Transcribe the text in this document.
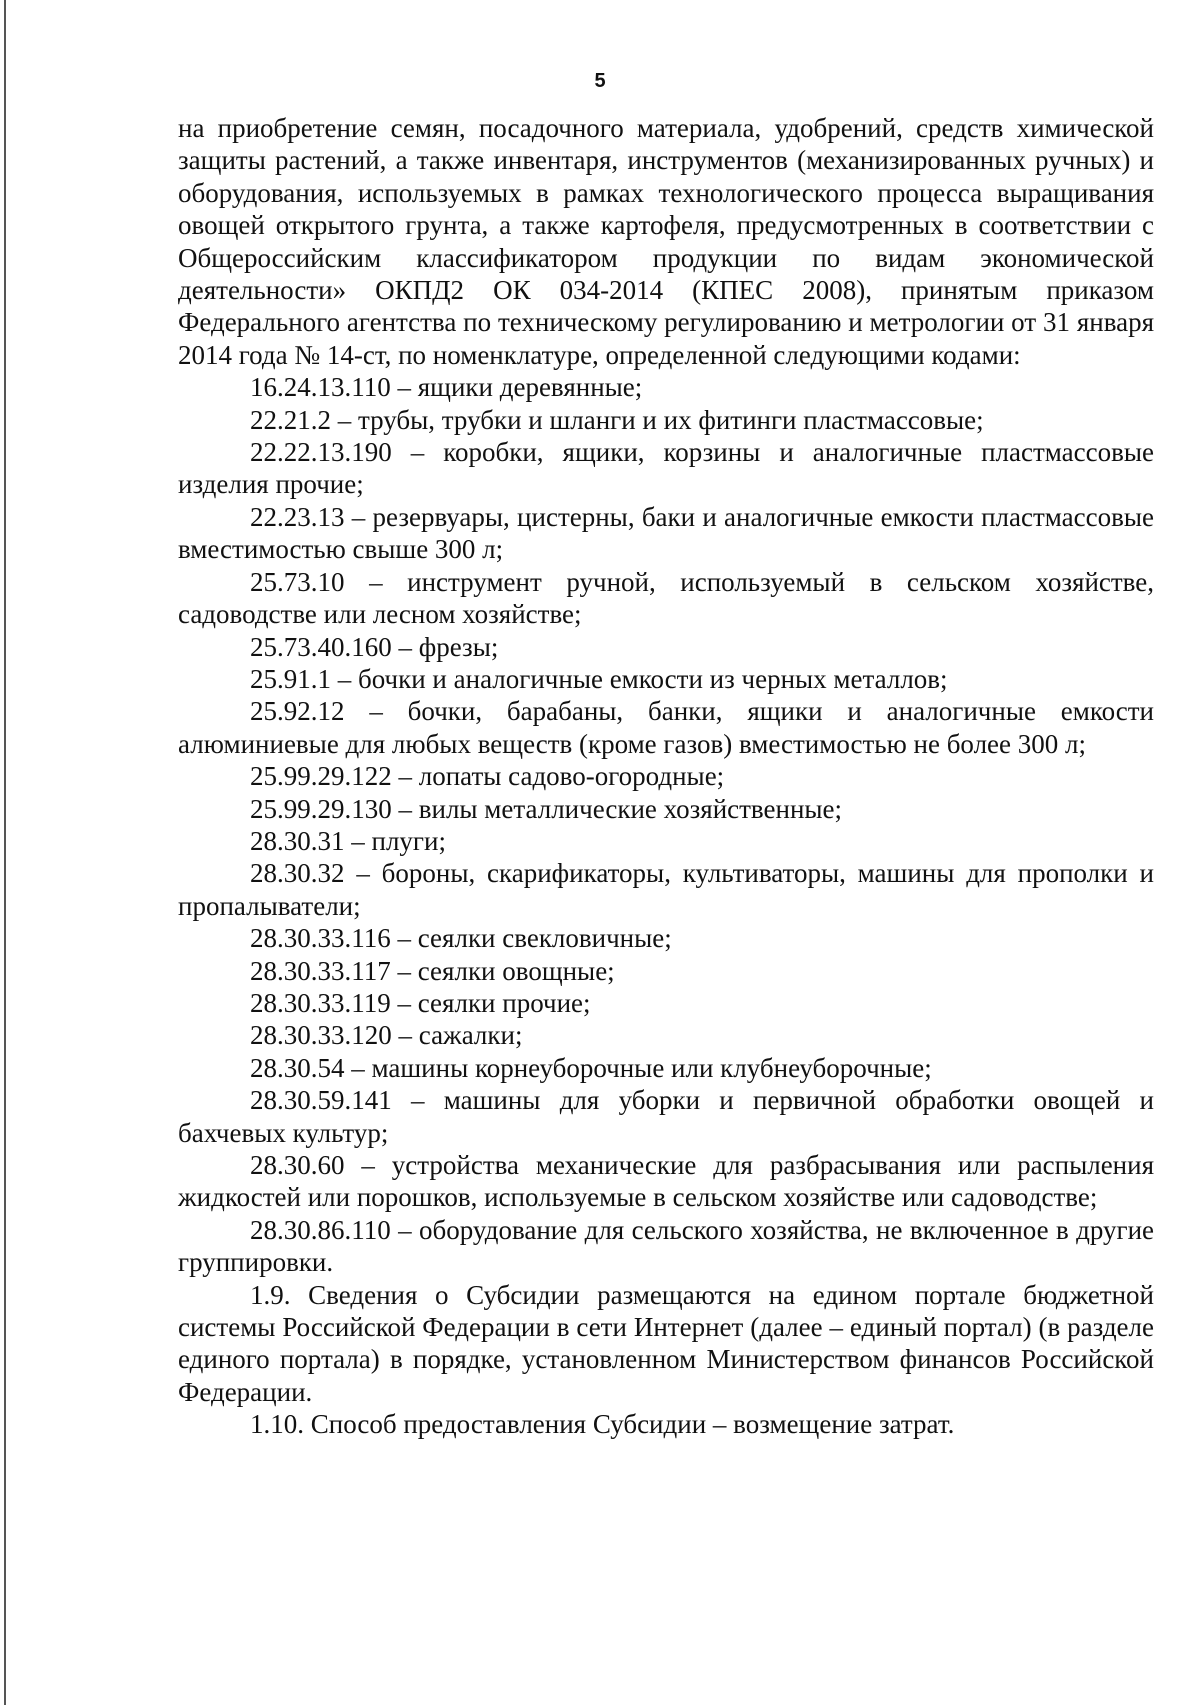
5

на приобретение семян, посадочного материала, удобрений, средств химической защиты растений, а также инвентаря, инструментов (механизированных ручных) и оборудования, используемых в рамках технологического процесса выращивания овощей открытого грунта, а также картофеля, предусмотренных в соответствии с Общероссийским классификатором продукции по видам экономической деятельности» ОКПД2 ОК 034-2014 (КПЕС 2008), принятым приказом Федерального агентства по техническому регулированию и метрологии от 31 января 2014 года № 14-ст, по номенклатуре, определенной следующими кодами:

16.24.13.110 – ящики деревянные;

22.21.2 – трубы, трубки и шланги и их фитинги пластмассовые;

22.22.13.190 – коробки, ящики, корзины и аналогичные пластмассовые изделия прочие;

22.23.13 – резервуары, цистерны, баки и аналогичные емкости пластмассовые вместимостью свыше 300 л;

25.73.10 – инструмент ручной, используемый в сельском хозяйстве, садоводстве или лесном хозяйстве;

25.73.40.160 – фрезы;

25.91.1 – бочки и аналогичные емкости из черных металлов;

25.92.12 – бочки, барабаны, банки, ящики и аналогичные емкости алюминиевые для любых веществ (кроме газов) вместимостью не более 300 л;

25.99.29.122 – лопаты садово-огородные;

25.99.29.130 – вилы металлические хозяйственные;

28.30.31 – плуги;

28.30.32 – бороны, скарификаторы, культиваторы, машины для прополки и пропалыватели;

28.30.33.116 – сеялки свекловичные;

28.30.33.117 – сеялки овощные;

28.30.33.119 – сеялки прочие;

28.30.33.120 – сажалки;

28.30.54 – машины корнеуборочные или клубнеуборочные;

28.30.59.141 – машины для уборки и первичной обработки овощей и бахчевых культур;

28.30.60 – устройства механические для разбрасывания или распыления жидкостей или порошков, используемые в сельском хозяйстве или садоводстве;

28.30.86.110 – оборудование для сельского хозяйства, не включенное в другие группировки.

1.9. Сведения о Субсидии размещаются на едином портале бюджетной системы Российской Федерации в сети Интернет (далее – единый портал) (в разделе единого портала) в порядке, установленном Министерством финансов Российской Федерации.

1.10. Способ предоставления Субсидии – возмещение затрат.
